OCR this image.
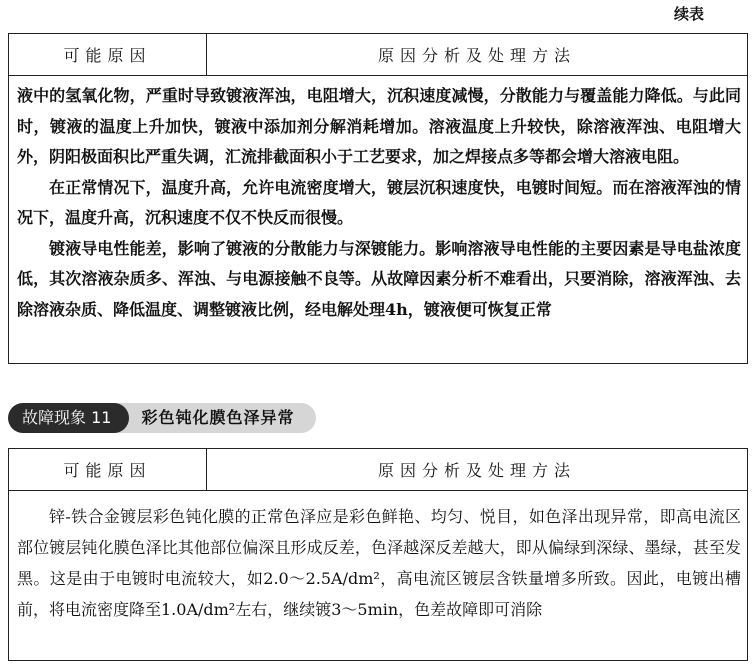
续表
可能原因	原因分析及处理方法

液中的氢氧化物，严重时导致镀液浑浊，电阻增大，沉积速度减慢，分散能力与覆盖能力降低。与此同时，镀液的温度上升加快，镀液中添加剂分解消耗增加。溶液温度上升较快，除溶液浑浊、电阻增大外，阴阳极面积比严重失调，汇流排截面积小于工艺要求，加之焊接点多等都会增大溶液电阻。

在正常情况下，温度升高，允许电流密度增大，镀层沉积速度快，电镀时间短。而在溶液浑浊的情况下，温度升高，沉积速度不仅不快反而很慢。

镀液导电性能差，影响了镀液的分散能力与深镀能力。影响溶液导电性能的主要因素是导电盐浓度低，其次溶液杂质多、浑浊、与电源接触不良等。从故障因素分析不难看出，只要消除，溶液浑浊、去除溶液杂质、降低温度、调整镀液比例，经电解处理4h，镀液便可恢复正常

故障现象 11	彩色钝化膜色泽异常
可能原因	原因分析及处理方法

锌-铁合金镀层彩色钝化膜的正常色泽应是彩色鲜艳、均匀、悦目，如色泽出现异常，即高电流区部位镀层钝化膜色泽比其他部位偏深且形成反差，色泽越深反差越大，即从偏绿到深绿、墨绿，甚至发黑。这是由于电镀时电流较大，如2.0～2.5A/dm²，高电流区镀层含铁量增多所致。因此，电镀出槽前，将电流密度降至1.0A/dm²左右，继续镀3～5min，色差故障即可消除
